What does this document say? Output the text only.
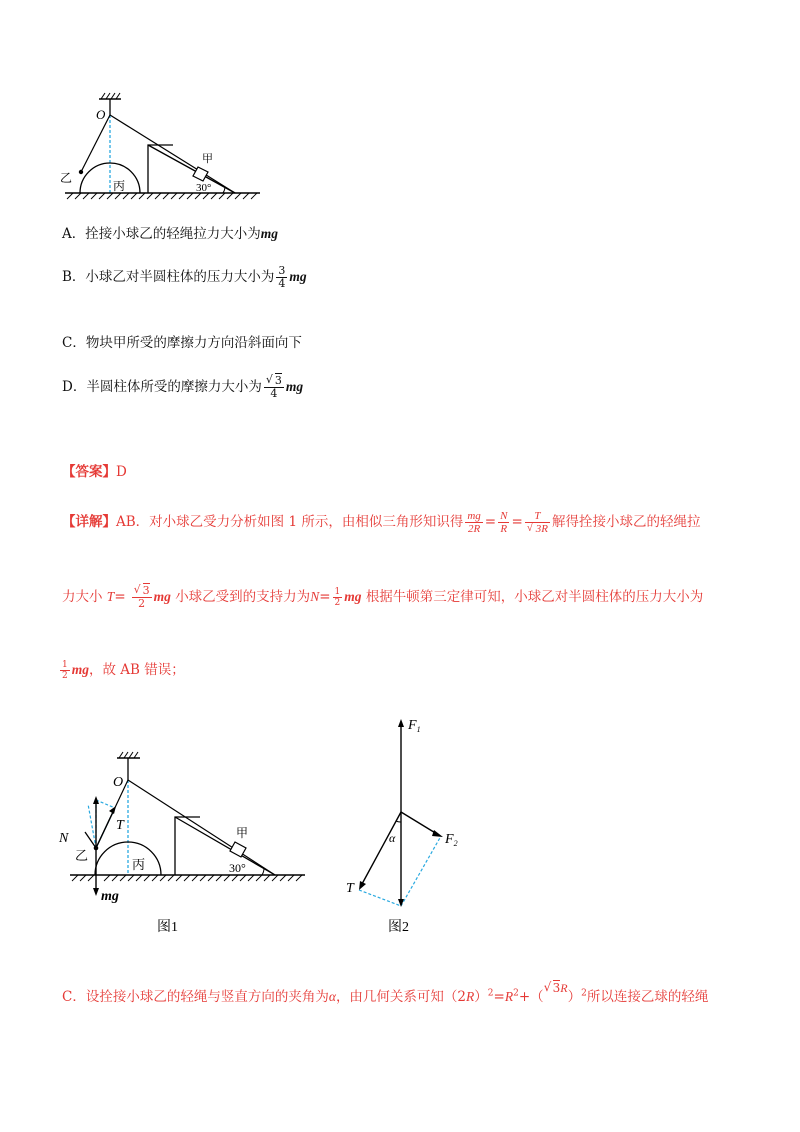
O
乙
丙
甲
30°
A．拴接小球乙的轻绳拉力大小为mg
B．小球乙对半圆柱体的压力大小为 $\frac{3}{4}$ mg
C．物块甲所受的摩擦力方向沿斜面向下
D．半圆柱体所受的摩擦力大小为 √ $\frac{3}{4}$ mg
【答案】D
【详解】AB．对小球乙受力分析如图 1 所示，由相似三角形知识得 $\frac{mg}{2R} = \frac{N}{R} = T$
√ 3R 解得拴接小球乙的轻绳拉
力大小 T= √ $\frac{3}{2}$ mg 小球乙受到的支持力为$N= \frac{1}{2}$ mg 根据牛顿第三定律可知，小球乙对半圆柱体的压力大小为
$\frac{1}{2}$ mg，故 AB 错误；
O
T
N
乙
丙
甲
30°
mg
图1
$F_1$
$F_2$
α
T
图2
C．设拴接小球乙的轻绳与竖直方向的夹角为α，由几何关系可知$(2R)^2=R^2+(√$ 3R）$^2$所以连接乙球的轻绳
